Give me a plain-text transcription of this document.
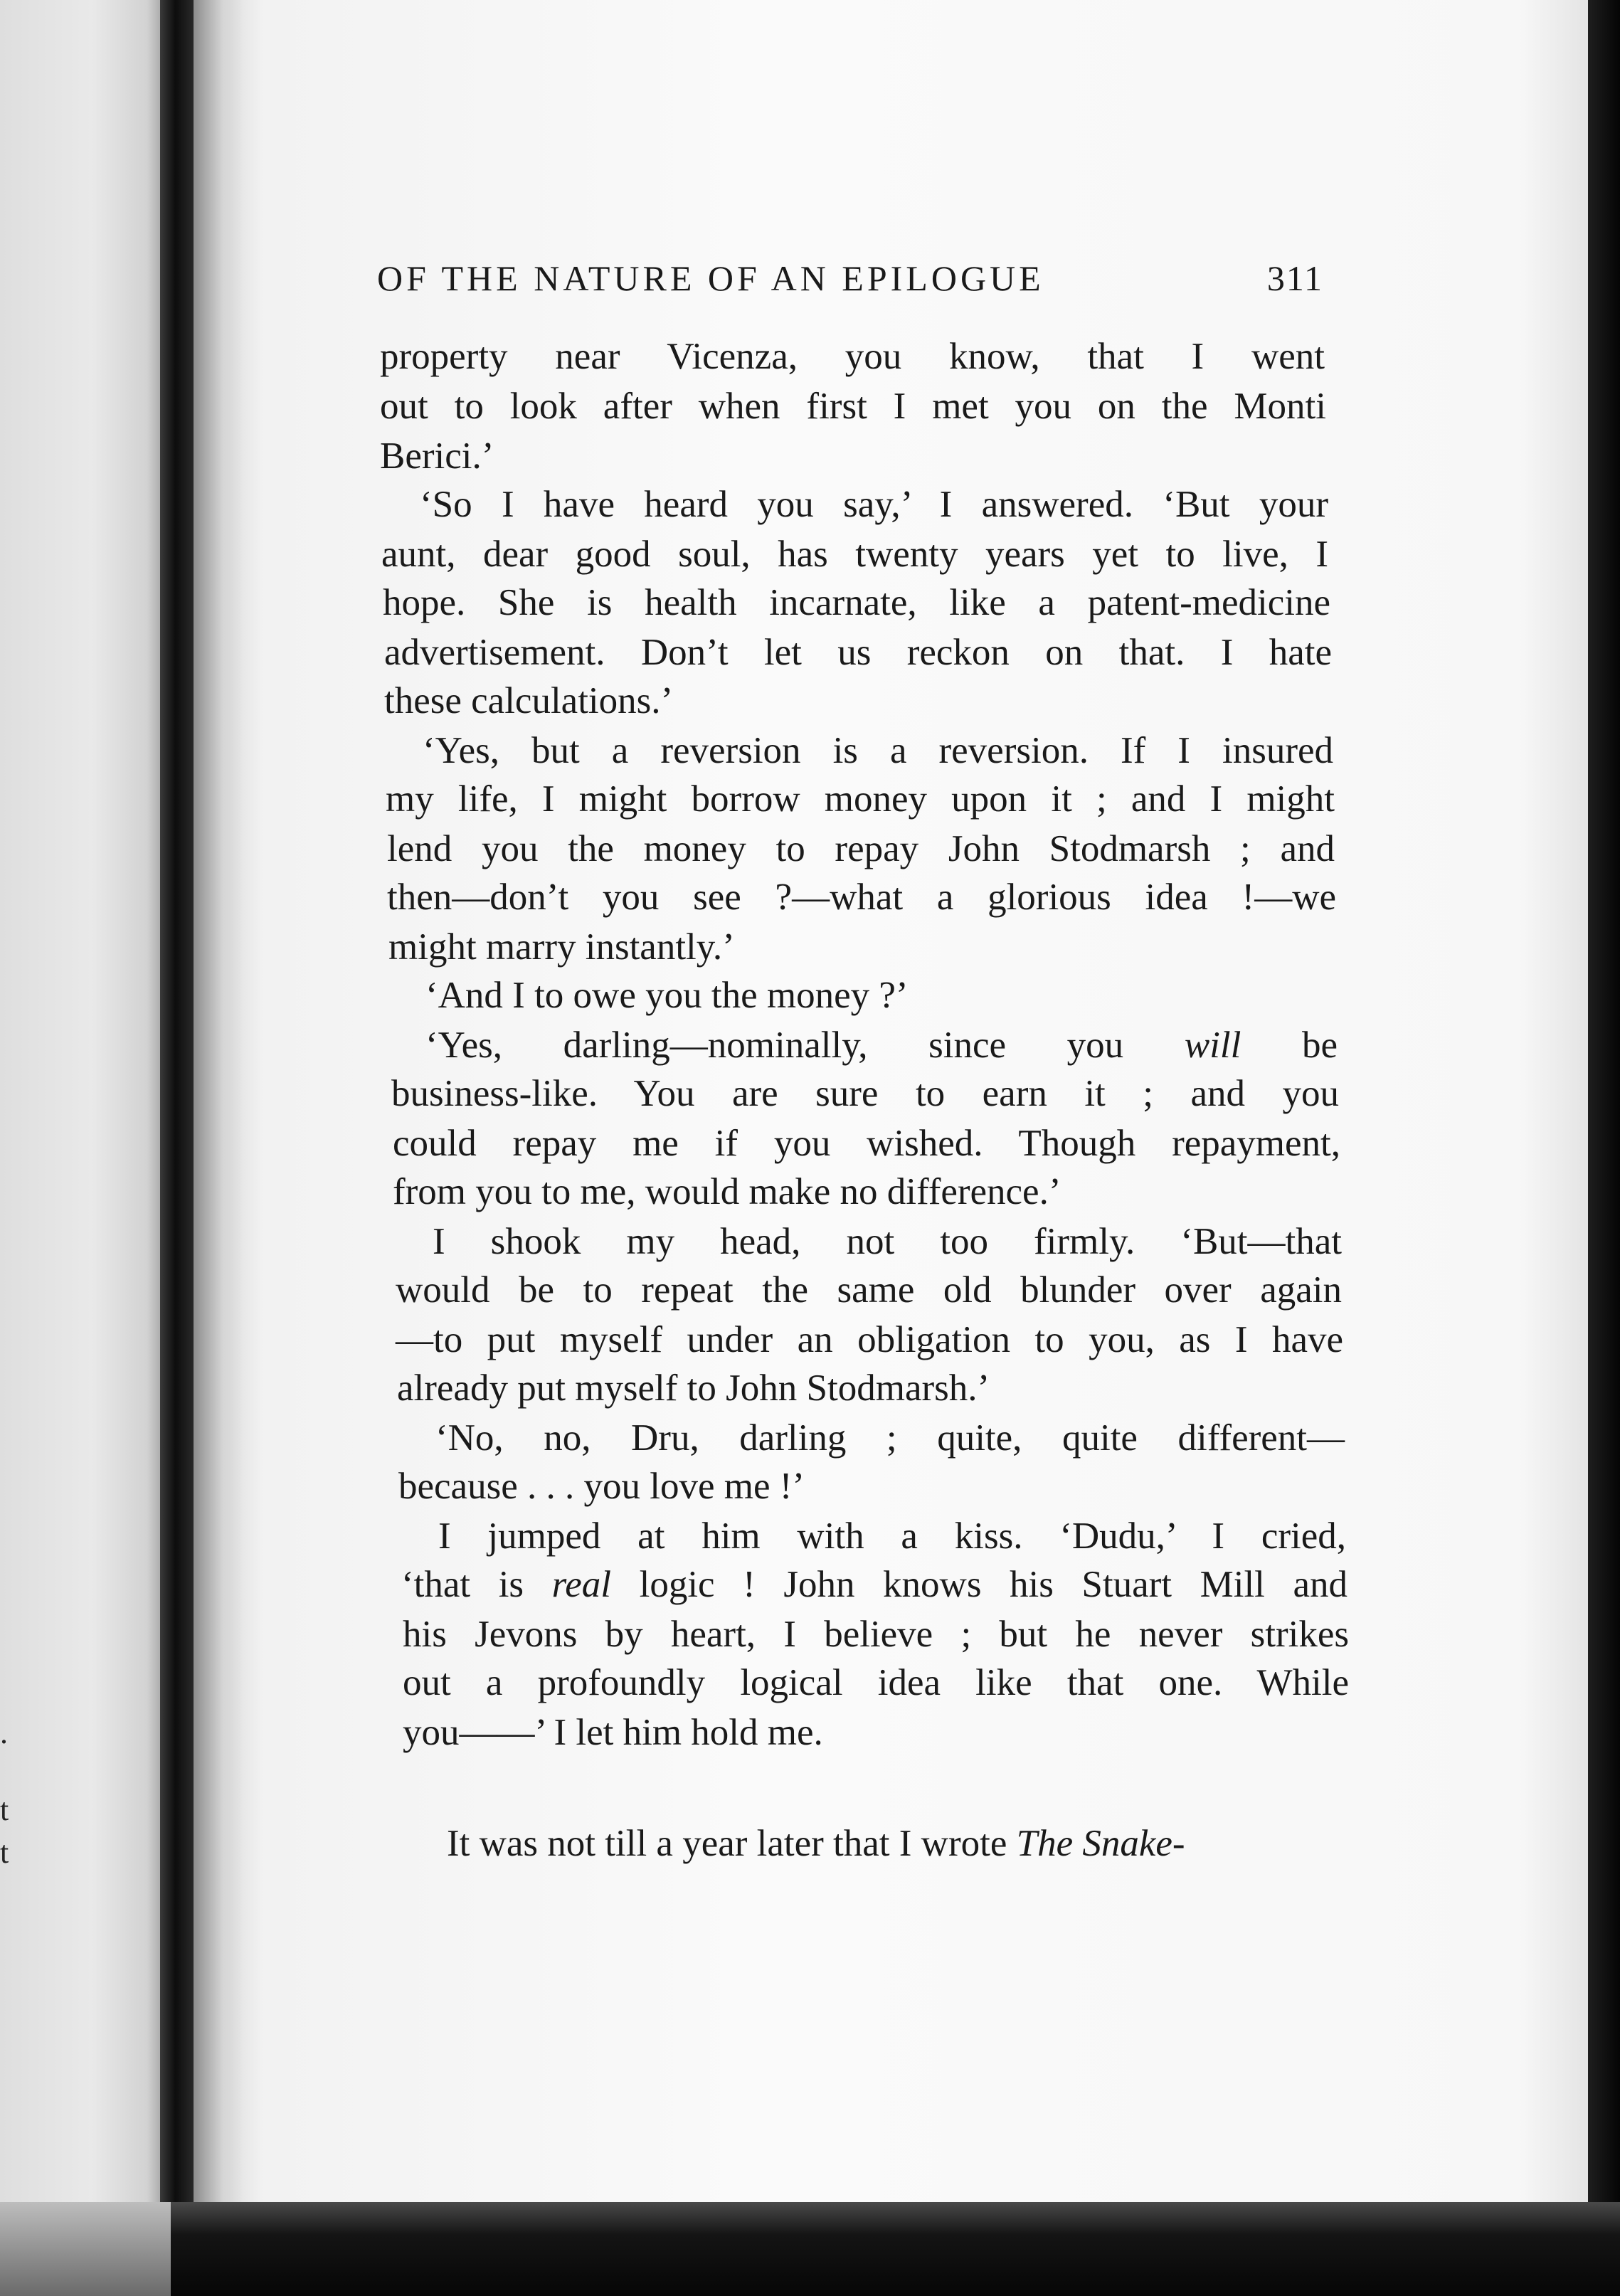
.
t
t
OF THE NATURE OF AN EPILOGUE	311
property near Vicenza, you know, that I went
out to look after when first I met you on the Monti
Berici.’
‘So I have heard you say,’ I answered. ‘But your
aunt, dear good soul, has twenty years yet to live, I
hope. She is health incarnate, like a patent-medicine
advertisement. Don’t let us reckon on that. I hate
these calculations.’
‘Yes, but a reversion is a reversion. If I insured
my life, I might borrow money upon it ; and I might
lend you the money to repay John Stodmarsh ; and
then—don’t you see ?—what a glorious idea !—we
might marry instantly.’
‘And I to owe you the money ?’
‘Yes, darling—nominally, since you will be
business-like. You are sure to earn it ; and you
could repay me if you wished. Though repayment,
from you to me, would make no difference.’
I shook my head, not too firmly. ‘But—that
would be to repeat the same old blunder over again
—to put myself under an obligation to you, as I have
already put myself to John Stodmarsh.’
‘No, no, Dru, darling ; quite, quite different—
because . . . you love me !’
I jumped at him with a kiss. ‘Dudu,’ I cried,
‘that is real logic ! John knows his Stuart Mill and
his Jevons by heart, I believe ; but he never strikes
out a profoundly logical idea like that one. While
you——’ I let him hold me.
It was not till a year later that I wrote The Snake-
